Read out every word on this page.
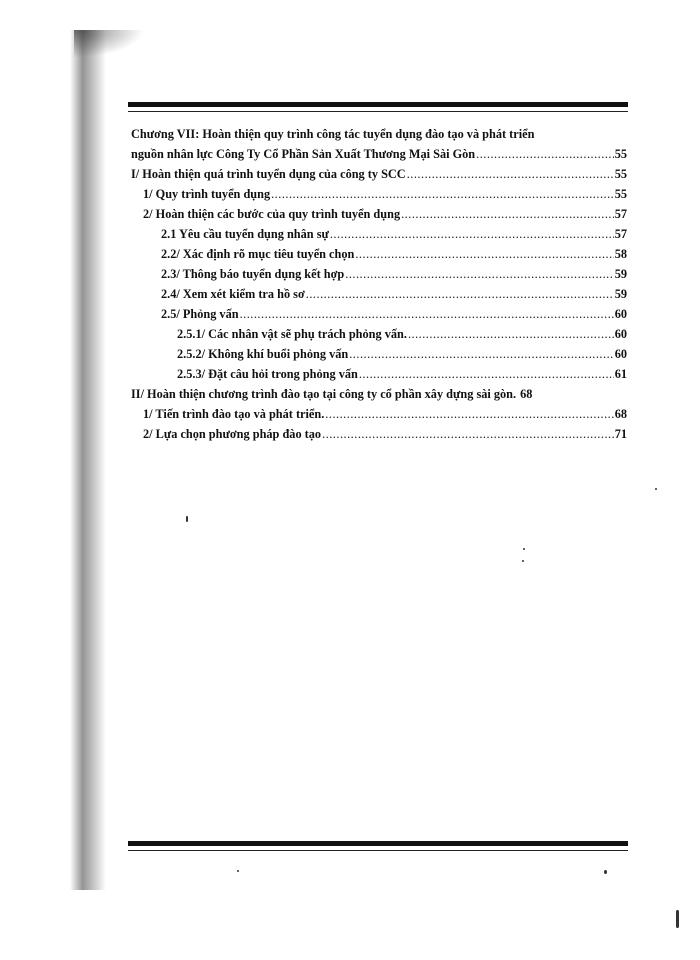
Chương VII: Hoàn thiện quy trình công tác tuyển dụng đào tạo và phát triển
nguồn nhân lực Công Ty Cổ Phần Sản Xuất Thương Mại Sài Gòn .....	55
I/ Hoàn thiện quá trình tuyển dụng của công ty SCC .....	55
1/ Quy trình tuyển dụng .....	55
2/ Hoàn thiện các bước của quy trình tuyển dụng .....	57
2.1 Yêu cầu tuyển dụng nhân sự .....	57
2.2/ Xác định rõ mục tiêu tuyển chọn .....	58
2.3/ Thông báo tuyển dụng kết hợp .....	59
2.4/ Xem xét kiểm tra hồ sơ .....	59
2.5/ Phỏng vấn .....	60
2.5.1/ Các nhân vật sẽ phụ trách phỏng vấn. .....	60
2.5.2/ Không khí buổi phỏng vấn .....	60
2.5.3/ Đặt câu hỏi trong phỏng vấn .....	61
II/ Hoàn thiện chương trình đào tạo tại công ty cổ phần xây dựng sài gòn. 68
1/ Tiến trình đào tạo và phát triển. .....	68
2/ Lựa chọn phương pháp đào tạo .....	71
